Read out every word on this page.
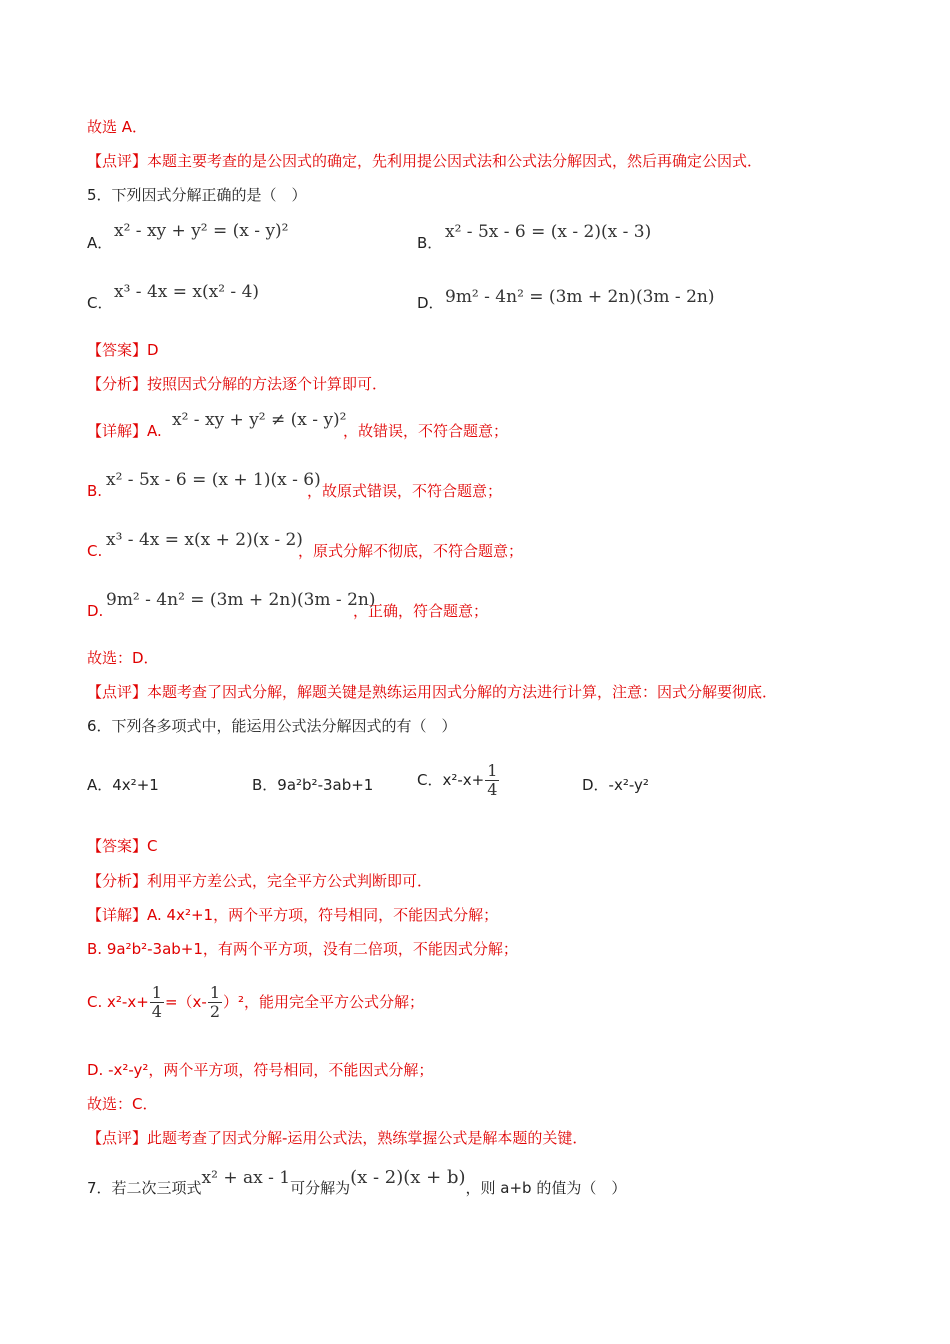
故选 A．
【点评】本题主要考查的是公因式的确定，先利用提公因式法和公式法分解因式，然后再确定公因式．
5．下列因式分解正确的是（　）
A．
x² - xy + y² = (x - y)²
B．
x² - 5x - 6 = (x - 2)(x - 3)
C．
x³ - 4x = x(x² - 4)
D． 9m² - 4n² = (3m + 2n)(3m - 2n)
【答案】D
【分析】按照因式分解的方法逐个计算即可．
【详解】A.
x² - xy + y² ≠ (x - y)²
，故错误，不符合题意；
B.
x² - 5x - 6 = (x + 1)(x - 6)
，故原式错误，不符合题意；
C.
x³ - 4x = x(x + 2)(x - 2)
，原式分解不彻底，不符合题意；
D.
9m² - 4n² = (3m + 2n)(3m - 2n)
，正确，符合题意；
故选：D．
【点评】本题考查了因式分解，解题关键是熟练运用因式分解的方法进行计算，注意：因式分解要彻底．
6．下列各多项式中，能运用公式法分解因式的有（　）
A．4x²+1	B．9a²b²-3ab+1	C．$x^2-x+ \frac{1}{4}$	D．-x²-y²
【答案】C
【分析】利用平方差公式，完全平方公式判断即可．
【详解】A. 4x²+1，两个平方项，符号相同，不能因式分解；
B. 9a²b²-3ab+1，有两个平方项，没有二倍项，不能因式分解；
C. $x^2-x+ \frac{1}{4} =(x- \frac{1}{2} )^2$，能用完全平方公式分解；
D. -x²-y²，两个平方项，符号相同，不能因式分解；
故选：C．
【点评】此题考查了因式分解-运用公式法，熟练掌握公式是解本题的关键．
7．若二次三项式x² + ax - 1可分解为(x - 2)(x + b)，则 a+b 的值为（　）
